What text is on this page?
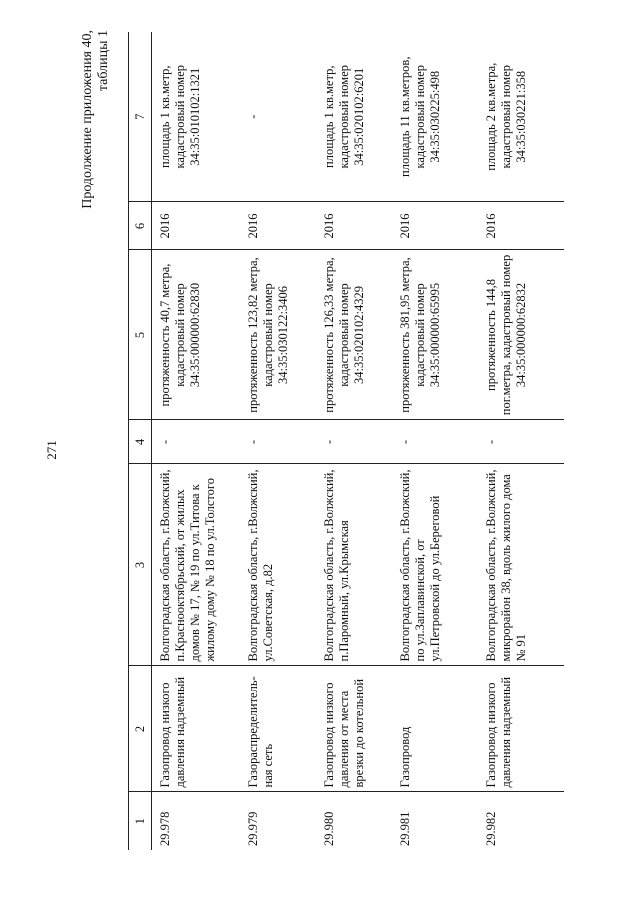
271
Продолжение приложения 40, таблицы 1
1	2	3	4	5	6	7
29.978	Газопровод низкого давления надземный	Волгоградская область, г.Волжский, п.Краснооктябрьский, от жилых домов № 17, № 19 по ул.Титова к жилому дому № 18 по ул.Толстого	-	протяженность 40,7 метра, кадастровый номер 34:35:000000:62830	2016	площадь 1 кв.метр, кадастровый номер 34:35:010102:1321
29.979	Газораспределитель-ная сеть	Волгоградская область, г.Волжский, ул.Советская, д.82	-	протяженность 123,82 метра, кадастровый номер 34:35:030122:3406	2016	-
29.980	Газопровод низкого давления от места врезки до котельной	Волгоградская область, г.Волжский, п.Паромный, ул.Крымская	-	протяженность 126,33 метра, кадастровый номер 34:35:020102:4329	2016	площадь 1 кв.метр, кадастровый номер 34:35:020102:6201
29.981	Газопровод	Волгоградская область, г.Волжский, по ул.Заплавинской, от ул.Петровской до ул.Береговой	-	протяженность 381,95 метра, кадастровый номер 34:35:000000:65995	2016	площадь 11 кв.метров, кадастровый номер 34:35:030225:498
29.982	Газопровод низкого давления надземный	Волгоградская область, г.Волжский, микрорайон 38, вдоль жилого дома № 91	-	протяженность 144,8 пог.метра, кадастровый номер 34:35:000000:62832	2016	площадь 2 кв.метра, кадастровый номер 34:35:030221:358
